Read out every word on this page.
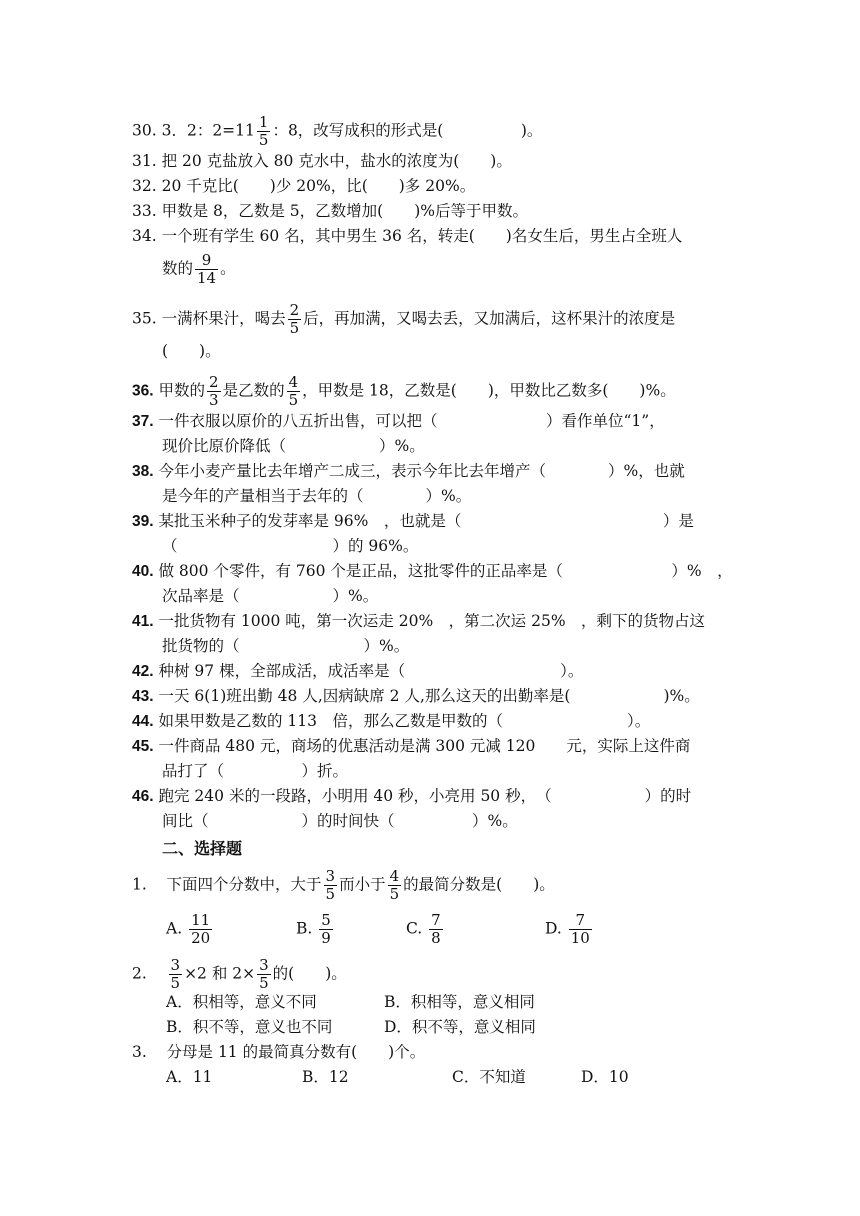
30. 3．2：$2=11 \frac{1}{5}$ ：8，改写成积的形式是(　　　　　)。
31. 把 20 克盐放入 80 克水中，盐水的浓度为(　　)。
32. 20 千克比(　　)少 20%，比(　　)多 20%。
33. 甲数是 8，乙数是 5，乙数增加(　　)%后等于甲数。
34. 一个班有学生 60 名，其中男生 36 名，转走(　　)名女生后，男生占全班人
数的 $\frac{9}{14}$ 。
35. 一满杯果汁，喝去 $\frac{2}{5}$ 后，再加满，又喝去丢，又加满后，这杯果汁的浓度是
(　　)。
36. 甲数的 $\frac{2}{3}$ 是乙数的 $\frac{4}{5}$ ，甲数是 18，乙数是(　　)，甲数比乙数多(　　)%。
37. 一件衣服以原价的八五折出售，可以把（　　　　　　　）看作单位“1”，
现价比原价降低（　　　　　　）%。
38. 今年小麦产量比去年增产二成三，表示今年比去年增产（　　　　）%，也就
是今年的产量相当于去年的（　　　　）%。
39. 某批玉米种子的发芽率是 96%　，也就是（　　　　　　　　　　　　　）是
（　　　　　　　　　　）的 96%。
40. 做 800 个零件，有 760 个是正品，这批零件的正品率是（　　　　　　　）%　，
次品率是（　　　　　　）%。
41. 一批货物有 1000 吨，第一次运走 20%　，第二次运 25%　，剩下的货物占这
批货物的（　　　　　　　　）%。
42. 种树 97 棵，全部成活，成活率是（　　　　　　　　　　）。
43. 一天 6(1)班出勤 48 人,因病缺席 2 人,那么这天的出勤率是(　　　　　　)%。
44. 如果甲数是乙数的 113　倍，那么乙数是甲数的（　　　　　　　　）。
45. 一件商品 480 元，商场的优惠活动是满 300 元减 120　　元，实际上这件商
品打了（　　　　　）折。
46. 跑完 240 米的一段路，小明用 40 秒，小亮用 50 秒，　（　　　　　　）的时
间比（　　　　　　）的时间快（　　　　　）%。
二、选择题
1. 下面四个分数中，大于 $\frac{3}{5}$ 而小于 $\frac{4}{5}$ 的最简分数是(　　)。
A. $\frac{11}{20}$	B. $\frac{5}{9}$	C. $\frac{7}{8}$	D. $\frac{7}{10}$
2. $\frac{3}{5} \times 2$ 和 $2\times \frac{3}{5}$ 的(　　)。
A．积相等，意义不同	B．积相等，意义相同
B．积不等，意义也不同	D．积不等，意义相同
3. 分母是 11 的最简真分数有(　　)个。
A．11	B．12	C．不知道	D．10
